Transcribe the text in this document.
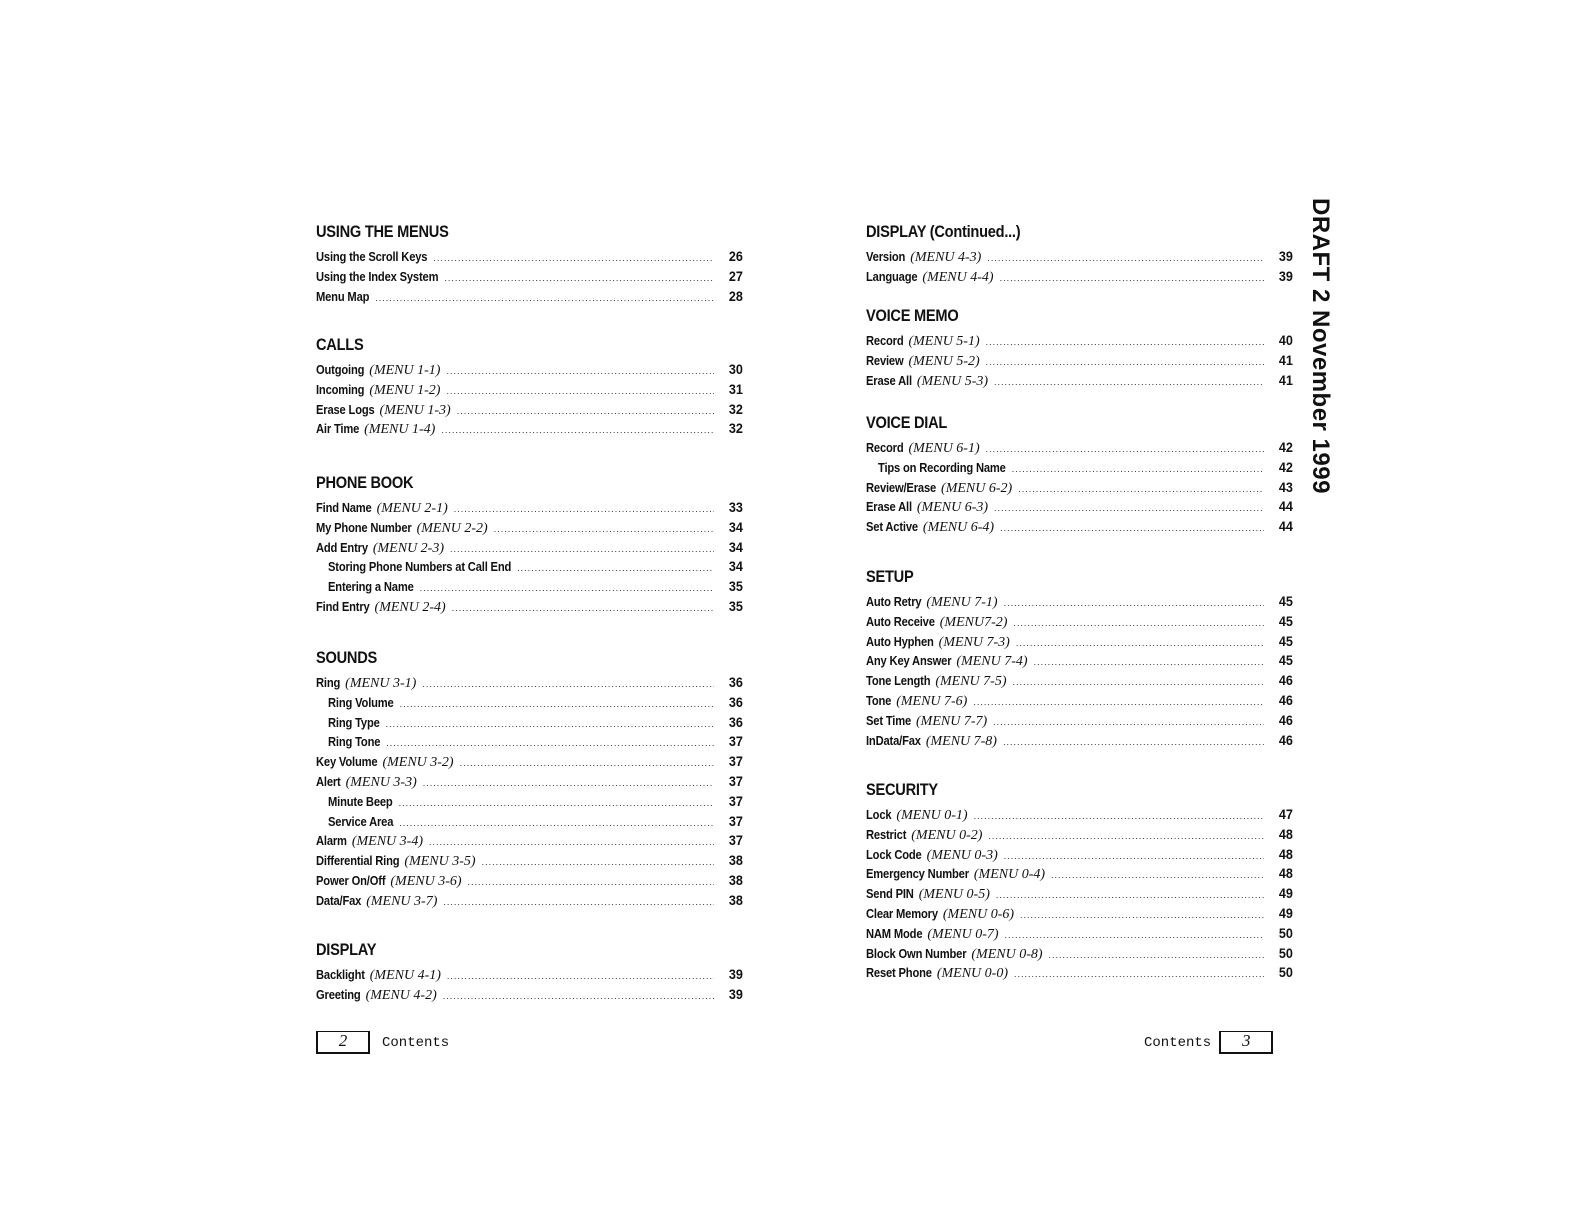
USING THE MENUS
Using the Scroll Keys .....	26
Using the Index System .....	27
Menu Map .....	28
CALLS
Outgoing (MENU 1-1) .....	30
Incoming (MENU 1-2) .....	31
Erase Logs (MENU 1-3) .....	32
Air Time (MENU 1-4) .....	32
PHONE BOOK
Find Name (MENU 2-1) .....	33
My Phone Number (MENU 2-2) .....	34
Add Entry (MENU 2-3) .....	34
Storing Phone Numbers at Call End .....	34
Entering a Name .....	35
Find Entry (MENU 2-4) .....	35
SOUNDS
Ring (MENU 3-1) .....	36
Ring Volume .....	36
Ring Type .....	36
Ring Tone .....	37
Key Volume (MENU 3-2) .....	37
Alert (MENU 3-3) .....	37
Minute Beep .....	37
Service Area .....	37
Alarm (MENU 3-4) .....	37
Differential Ring (MENU 3-5) .....	38
Power On/Off (MENU 3-6) .....	38
Data/Fax (MENU 3-7) .....	38
DISPLAY
Backlight (MENU 4-1) .....	39
Greeting (MENU 4-2) .....	39
DISPLAY (Continued...)
Version (MENU 4-3) .....	39
Language (MENU 4-4) .....	39
VOICE MEMO
Record (MENU 5-1) .....	40
Review (MENU 5-2) .....	41
Erase All (MENU 5-3) .....	41
VOICE DIAL
Record (MENU 6-1) .....	42
Tips on Recording Name .....	42
Review/Erase (MENU 6-2) .....	43
Erase All (MENU 6-3) .....	44
Set Active (MENU 6-4) .....	44
SETUP
Auto Retry (MENU 7-1) .....	45
Auto Receive (MENU7-2) .....	45
Auto Hyphen (MENU 7-3) .....	45
Any Key Answer (MENU 7-4) .....	45
Tone Length (MENU 7-5) .....	46
Tone (MENU 7-6) .....	46
Set Time (MENU 7-7) .....	46
InData/Fax (MENU 7-8) .....	46
SECURITY
Lock (MENU 0-1) .....	47
Restrict (MENU 0-2) .....	48
Lock Code (MENU 0-3) .....	48
Emergency Number (MENU 0-4) .....	48
Send PIN (MENU 0-5) .....	49
Clear Memory (MENU 0-6) .....	49
NAM Mode (MENU 0-7) .....	50
Block Own Number (MENU 0-8) .....	50
Reset Phone (MENU 0-0) .....	50
2	Contents	Contents	3
DRAFT 2 November 1999
